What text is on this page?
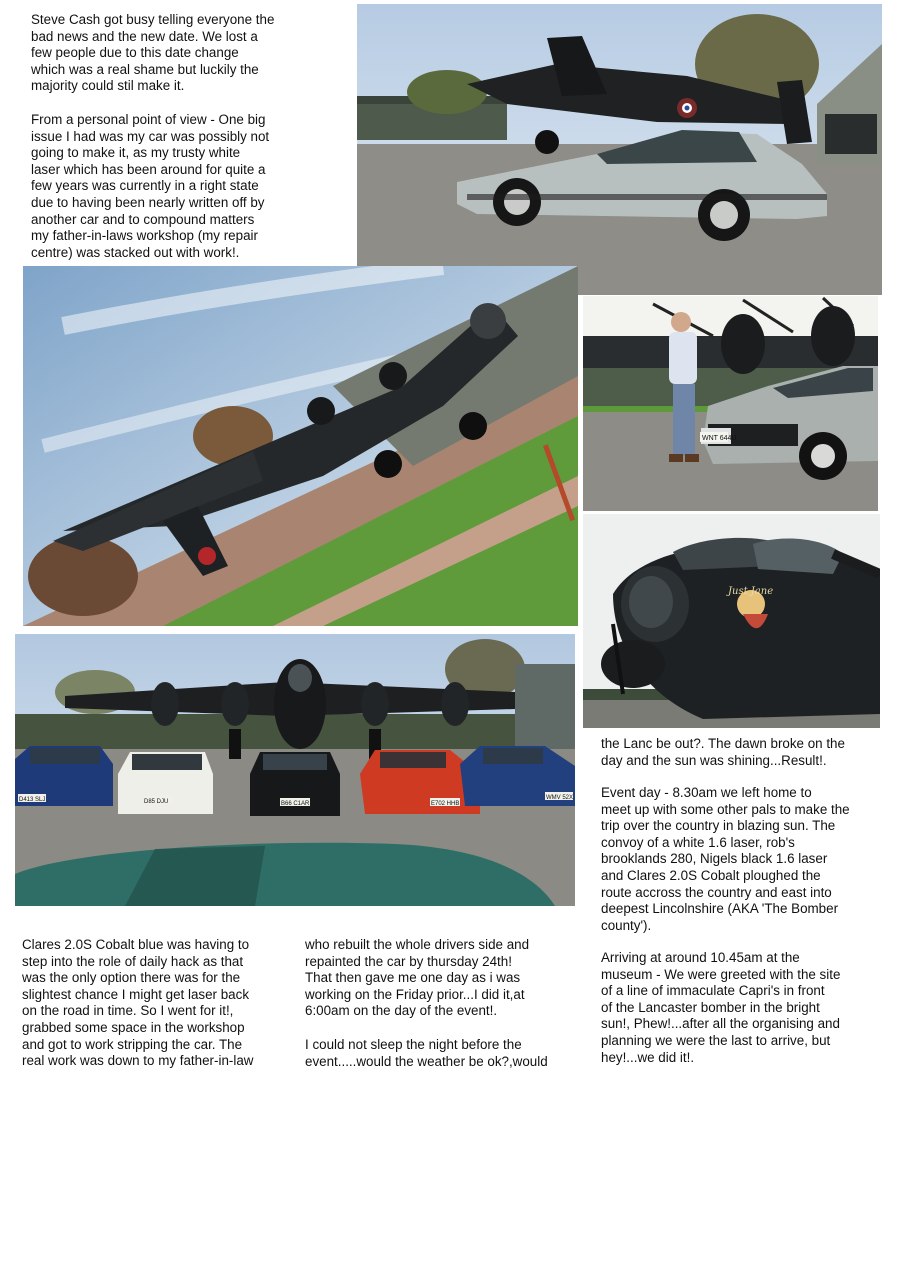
Steve Cash got busy telling everyone the
bad news and the new date. We lost a
few people due to this date change
which was a real shame but luckily the
majority could stil make it.
From a personal point of view - One big
issue I had was my car was possibly not
going to make it, as my trusty white
laser which has been around for quite a
few years was currently in a right state
due to having been nearly written off by
another car and to compound matters
my father-in-laws workshop (my repair
centre) was stacked out with work!.
WNT 644U
Just Jane
D413 SLJ	D85 DJU	B66 C1AR	E702 HHB
WMV 52X
the Lanc be out?. The dawn broke on the
day and the sun was shining...Result!.
Event day - 8.30am we left home to
meet up with some other pals to make the
trip over the country in blazing sun. The
convoy of a white 1.6 laser, rob's
brooklands 280, Nigels black 1.6 laser
and Clares 2.0S Cobalt ploughed the
route accross the country and east into
deepest Lincolnshire (AKA 'The Bomber
county').
Arriving at around 10.45am at the
museum - We were greeted with the site
of a line of immaculate Capri's in front
of the Lancaster bomber in the bright
sun!, Phew!...after all the organising and
planning we were the last to arrive, but
hey!...we did it!.
Clares 2.0S Cobalt blue was having to
step into the role of daily hack as that
was the only option there was for the
slightest chance I might get laser back
on the road in time. So I went for it!,
grabbed some space in the workshop
and got to work stripping the car. The
real work was down to my father-in-law
who rebuilt the whole drivers side and
repainted the car by thursday 24th!
That then gave me one day as i was
working on the Friday prior...I did it,at
6:00am on the day of the event!.
I could not sleep the night before the
event.....would the weather be ok?,would
